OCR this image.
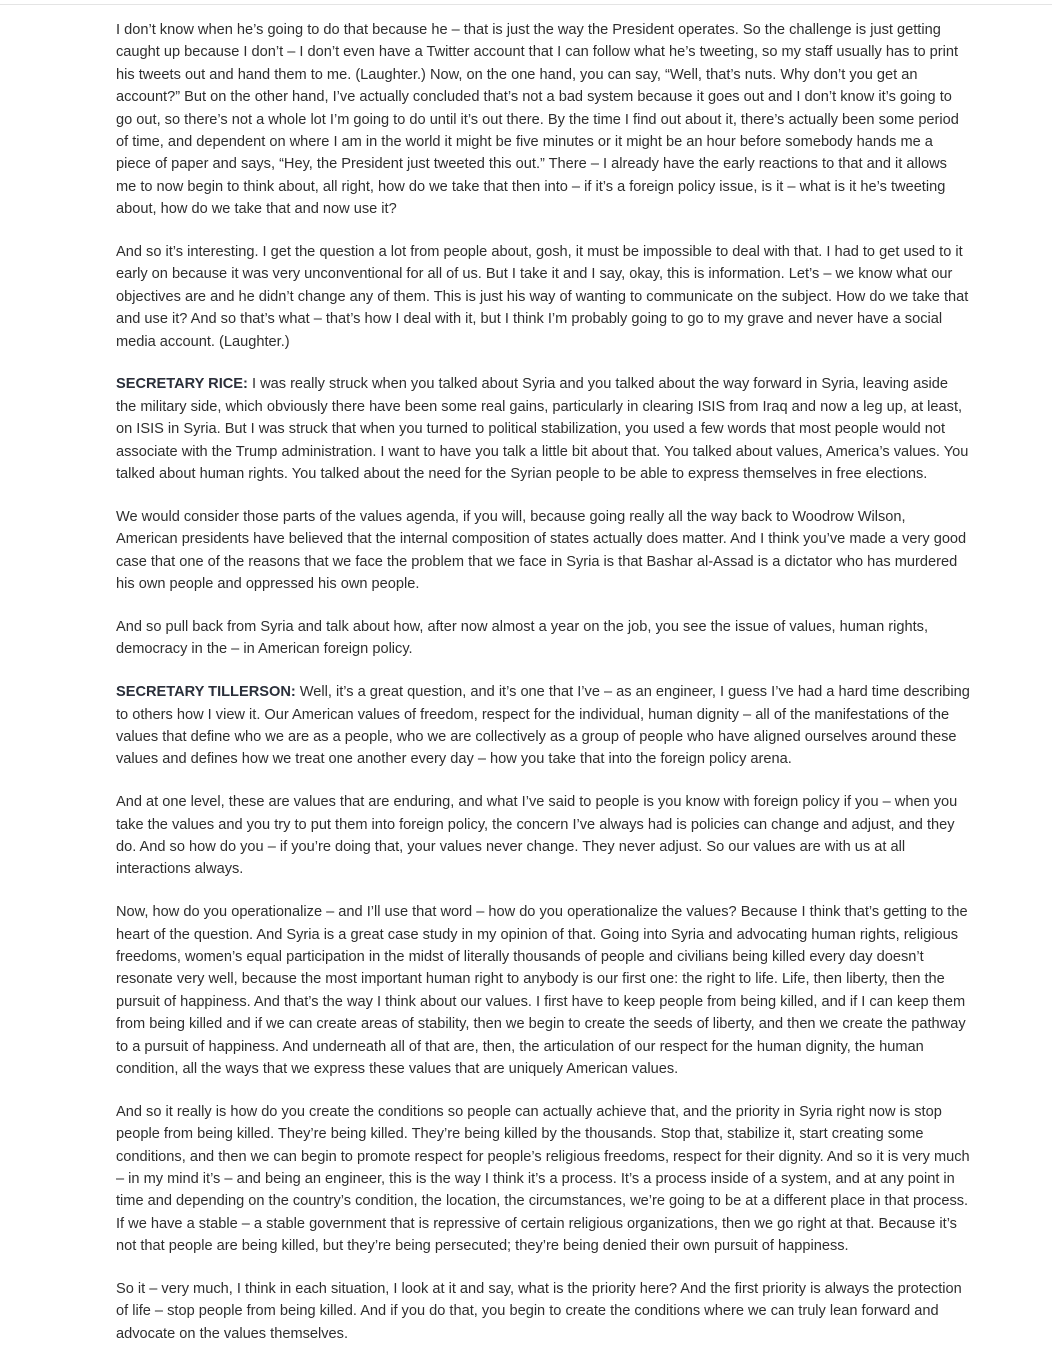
I don’t know when he’s going to do that because he – that is just the way the President operates. So the challenge is just getting caught up because I don’t – I don’t even have a Twitter account that I can follow what he’s tweeting, so my staff usually has to print his tweets out and hand them to me. (Laughter.) Now, on the one hand, you can say, “Well, that’s nuts. Why don’t you get an account?” But on the other hand, I’ve actually concluded that’s not a bad system because it goes out and I don’t know it’s going to go out, so there’s not a whole lot I’m going to do until it’s out there. By the time I find out about it, there’s actually been some period of time, and dependent on where I am in the world it might be five minutes or it might be an hour before somebody hands me a piece of paper and says, “Hey, the President just tweeted this out.” There – I already have the early reactions to that and it allows me to now begin to think about, all right, how do we take that then into – if it’s a foreign policy issue, is it – what is it he’s tweeting about, how do we take that and now use it?

And so it’s interesting. I get the question a lot from people about, gosh, it must be impossible to deal with that. I had to get used to it early on because it was very unconventional for all of us. But I take it and I say, okay, this is information. Let’s – we know what our objectives are and he didn’t change any of them. This is just his way of wanting to communicate on the subject. How do we take that and use it? And so that’s what – that’s how I deal with it, but I think I’m probably going to go to my grave and never have a social media account. (Laughter.)

SECRETARY RICE: I was really struck when you talked about Syria and you talked about the way forward in Syria, leaving aside the military side, which obviously there have been some real gains, particularly in clearing ISIS from Iraq and now a leg up, at least, on ISIS in Syria. But I was struck that when you turned to political stabilization, you used a few words that most people would not associate with the Trump administration. I want to have you talk a little bit about that. You talked about values, America’s values. You talked about human rights. You talked about the need for the Syrian people to be able to express themselves in free elections.

We would consider those parts of the values agenda, if you will, because going really all the way back to Woodrow Wilson, American presidents have believed that the internal composition of states actually does matter. And I think you’ve made a very good case that one of the reasons that we face the problem that we face in Syria is that Bashar al-Assad is a dictator who has murdered his own people and oppressed his own people.

And so pull back from Syria and talk about how, after now almost a year on the job, you see the issue of values, human rights, democracy in the – in American foreign policy.

SECRETARY TILLERSON: Well, it’s a great question, and it’s one that I’ve – as an engineer, I guess I’ve had a hard time describing to others how I view it. Our American values of freedom, respect for the individual, human dignity – all of the manifestations of the values that define who we are as a people, who we are collectively as a group of people who have aligned ourselves around these values and defines how we treat one another every day – how you take that into the foreign policy arena.

And at one level, these are values that are enduring, and what I’ve said to people is you know with foreign policy if you – when you take the values and you try to put them into foreign policy, the concern I’ve always had is policies can change and adjust, and they do. And so how do you – if you’re doing that, your values never change. They never adjust. So our values are with us at all interactions always.

Now, how do you operationalize – and I’ll use that word – how do you operationalize the values? Because I think that’s getting to the heart of the question. And Syria is a great case study in my opinion of that. Going into Syria and advocating human rights, religious freedoms, women’s equal participation in the midst of literally thousands of people and civilians being killed every day doesn’t resonate very well, because the most important human right to anybody is our first one: the right to life. Life, then liberty, then the pursuit of happiness. And that’s the way I think about our values. I first have to keep people from being killed, and if I can keep them from being killed and if we can create areas of stability, then we begin to create the seeds of liberty, and then we create the pathway to a pursuit of happiness. And underneath all of that are, then, the articulation of our respect for the human dignity, the human condition, all the ways that we express these values that are uniquely American values.

And so it really is how do you create the conditions so people can actually achieve that, and the priority in Syria right now is stop people from being killed. They’re being killed. They’re being killed by the thousands. Stop that, stabilize it, start creating some conditions, and then we can begin to promote respect for people’s religious freedoms, respect for their dignity. And so it is very much – in my mind it’s – and being an engineer, this is the way I think it’s a process. It’s a process inside of a system, and at any point in time and depending on the country’s condition, the location, the circumstances, we’re going to be at a different place in that process. If we have a stable – a stable government that is repressive of certain religious organizations, then we go right at that. Because it’s not that people are being killed, but they’re being persecuted; they’re being denied their own pursuit of happiness.

So it – very much, I think in each situation, I look at it and say, what is the priority here? And the first priority is always the protection of life – stop people from being killed. And if you do that, you begin to create the conditions where we can truly lean forward and advocate on the values themselves.
